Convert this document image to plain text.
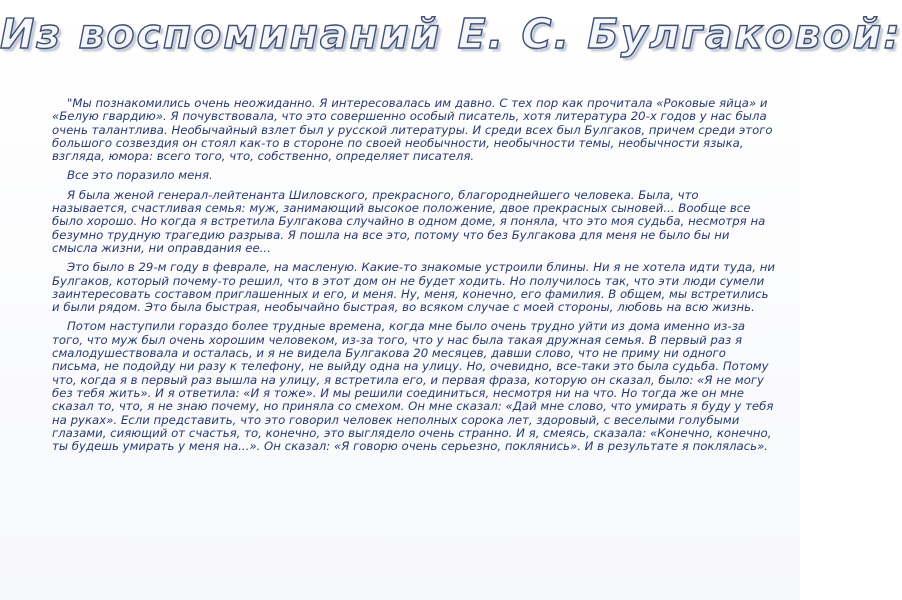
Из воспоминаний Е. С. Булгаковой:

"Мы познакомились очень неожиданно. Я интересовалась им давно. С тех пор как прочитала «Роковые яйца» и «Белую гвардию». Я почувствовала, что это совершенно особый писатель, хотя литература 20-х годов у нас была очень талантлива. Необычайный взлет был у русской литературы. И среди всех был Булгаков, причем среди этого большого созвездия он стоял как-то в стороне по своей необычности, необычности темы, необычности языка, взгляда, юмора: всего того, что, собственно, определяет писателя.

Все это поразило меня.

Я была женой генерал-лейтенанта Шиловского, прекрасного, благороднейшего человека. Была, что называется, счастливая семья: муж, занимающий высокое положение, двое прекрасных сыновей... Вообще все было хорошо. Но когда я встретила Булгакова случайно в одном доме, я поняла, что это моя судьба, несмотря на безумно трудную трагедию разрыва. Я пошла на все это, потому что без Булгакова для меня не было бы ни смысла жизни, ни оправдания ее...

Это было в 29-м году в феврале, на масленую. Какие-то знакомые устроили блины. Ни я не хотела идти туда, ни Булгаков, который почему-то решил, что в этот дом он не будет ходить. Но получилось так, что эти люди сумели заинтересовать составом приглашенных и его, и меня. Ну, меня, конечно, его фамилия. В общем, мы встретились и были рядом. Это была быстрая, необычайно быстрая, во всяком случае с моей стороны, любовь на всю жизнь.

Потом наступили гораздо более трудные времена, когда мне было очень трудно уйти из дома именно из-за того, что муж был очень хорошим человеком, из-за того, что у нас была такая дружная семья. В первый раз я смалодушествовала и осталась, и я не видела Булгакова 20 месяцев, давши слово, что не приму ни одного письма, не подойду ни разу к телефону, не выйду одна на улицу. Но, очевидно, все-таки это была судьба. Потому что, когда я в первый раз вышла на улицу, я встретила его, и первая фраза, которую он сказал, было: «Я не могу без тебя жить». И я ответила: «И я тоже». И мы решили соединиться, несмотря ни на что. Но тогда же он мне сказал то, что, я не знаю почему, но приняла со смехом. Он мне сказал: «Дай мне слово, что умирать я буду у тебя на руках». Если представить, что это говорил человек неполных сорока лет, здоровый, с веселыми голубыми глазами, сияющий от счастья, то, конечно, это выглядело очень странно. И я, смеясь, сказала: «Конечно, конечно, ты будешь умирать у меня на...». Он сказал: «Я говорю очень серьезно, поклянись». И в результате я поклялась».
